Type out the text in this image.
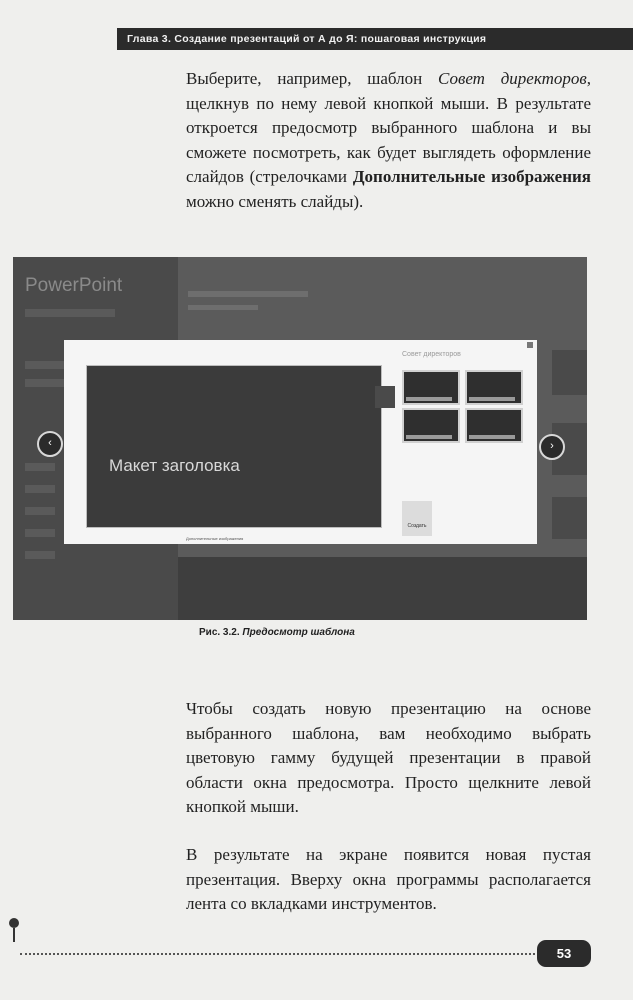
Глава 3. Создание презентаций от А до Я: пошаговая инструкция

Выберите, например, шаблон Совет директоров, щелкнув по нему левой кнопкой мыши. В результате откроется предосмотр выбранного шаблона и вы сможете посмотреть, как будет выглядеть оформление слайдов (стрелочками Дополнительные изображения можно сменять слайды).

PowerPoint
Макет заголовка
Дополнительные изображения
Совет директоров
Создать
‹	›
Рис. 3.2. Предосмотр шаблона

Чтобы создать новую презентацию на основе выбранного шаблона, вам необходимо выбрать цветовую гамму будущей презентации в правой области окна предосмотра. Просто щелкните левой кнопкой мыши.

В результате на экране появится новая пустая презентация. Вверху окна программы располагается лента со вкладками инструментов.

53
